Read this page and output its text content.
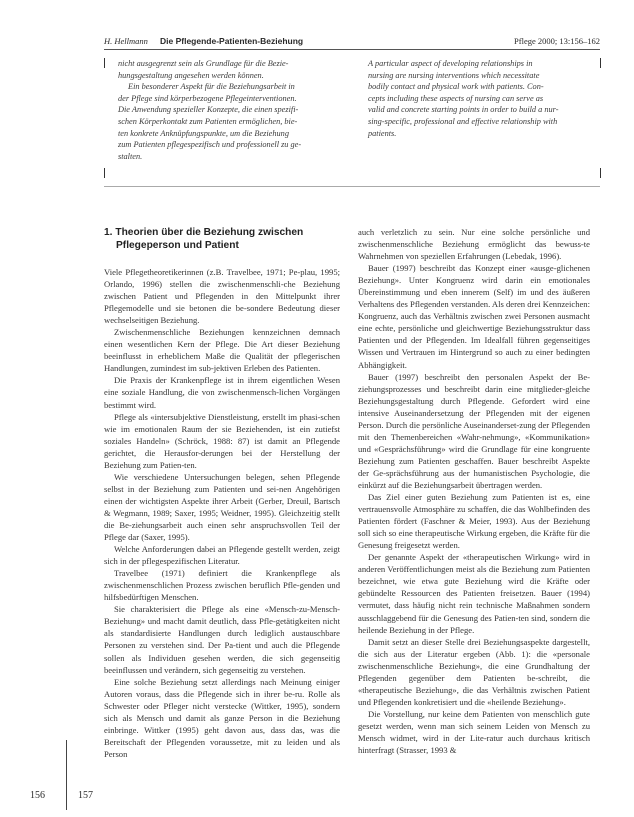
H. Hellmann Die Pflegende-Patienten-Beziehung	Pflege 2000; 13:156–162

nicht ausgegrenzt sein als Grundlage für die Bezie-

hungsgestaltung angesehen werden können.

Ein besonderer Aspekt für die Beziehungsarbeit in

der Pflege sind körperbezogene Pflegeinterventionen.

Die Anwendung spezieller Konzepte, die einen spezifi-

schen Körperkontakt zum Patienten ermöglichen, bie-

ten konkrete Anknüpfungspunkte, um die Beziehung

zum Patienten pflegespezifisch und professionell zu ge-

stalten.

A particular aspect of developing relationships in

nursing are nursing interventions which necessitate

bodily contact and physical work with patients. Con-

cepts including these aspects of nursing can serve as

valid and concrete starting points in order to build a nur-

sing-specific, professional and effective relationship with

patients.

1. Theorien über die Beziehung zwischen
Pflegeperson und Patient

Viele Pflegetheoretikerinnen (z.B. Travelbee, 1971; Pe-plau, 1995; Orlando, 1996) stellen die zwischenmenschli-che Beziehung zwischen Patient und Pflegenden in den Mittelpunkt ihrer Pflegemodelle und sie betonen die be-sondere Bedeutung dieser wechselseitigen Beziehung.

Zwischenmenschliche Beziehungen kennzeichnen demnach einen wesentlichen Kern der Pflege. Die Art dieser Beziehung beeinflusst in erheblichem Maße die Qualität der pflegerischen Handlungen, zumindest im sub-jektiven Erleben des Patienten.

Die Praxis der Krankenpflege ist in ihrem eigentlichen Wesen eine soziale Handlung, die von zwischenmensch-lichen Vorgängen bestimmt wird.

Pflege als «intersubjektive Dienstleistung, erstellt im phasi-schen wie im emotionalen Raum der sie Beziehenden, ist ein zutiefst soziales Handeln» (Schröck, 1988: 87) ist damit an Pflegende gerichtet, die Herausfor-derungen bei der Herstellung der Beziehung zum Patien-ten.

Wie verschiedene Untersuchungen belegen, sehen Pflegende selbst in der Beziehung zum Patienten und sei-nen Angehörigen einen der wichtigsten Aspekte ihrer Arbeit (Gerber, Dreuil, Bartsch & Wegmann, 1989; Saxer, 1995; Weidner, 1995). Gleichzeitig stellt die Be-ziehungsarbeit auch einen sehr anspruchsvollen Teil der Pflege dar (Saxer, 1995).

Welche Anforderungen dabei an Pflegende gestellt werden, zeigt sich in der pflegespezifischen Literatur.

Travelbee (1971) definiert die Krankenpflege als zwischenmenschlichen Prozess zwischen beruflich Pfle-genden und hilfsbedürftigen Menschen.

Sie charakterisiert die Pflege als eine «Mensch-zu-Mensch-Beziehung» und macht damit deutlich, dass Pfle-getätigkeiten nicht als standardisierte Handlungen durch lediglich austauschbare Personen zu verstehen sind. Der Pa-tient und auch die Pflegende sollen als Individuen gesehen werden, die sich gegenseitig beeinflussen und verändern, sich gegenseitig zu verstehen.

Eine solche Beziehung setzt allerdings nach Meinung einiger Autoren voraus, dass die Pflegende sich in ihrer be-ru. Rolle als Schwester oder Pfleger nicht verstecke (Wittker, 1995), sondern sich als Mensch und damit als ganze Person in die Beziehung einbringe. Wittker (1995) geht davon aus, dass das, was die Bereitschaft der Pflegenden voraussetze, mit zu leiden und als Person

auch verletzlich zu sein. Nur eine solche persönliche und zwischenmenschliche Beziehung ermöglicht das bewuss-te Wahrnehmen von speziellen Erfahrungen (Lebedak, 1996).

Bauer (1997) beschreibt das Konzept einer «ausge-glichenen Beziehung». Unter Kongruenz wird darin ein emotionales Übereinstimmung und eben innerem (Self) im und des äußeren Verhaltens des Pflegenden verstanden. Als deren drei Kennzeichen: Kongruenz, auch das Verhältnis zwischen zwei Personen ausmacht eine echte, persönliche und gleichwertige Beziehungsstruktur dass Patienten und der Pflegenden. Im Idealfall führen gegenseitiges Wissen und Vertrauen im Hintergrund so auch zu einer bedingten Abhängigkeit.

Bauer (1997) beschreibt den personalen Aspekt der Be-ziehungsprozesses und beschreibt darin eine mitglieder-gleiche Beziehungsgestaltung durch Pflegende. Gefordert wird eine intensive Auseinandersetzung der Pflegenden mit der eigenen Person. Durch die persönliche Auseinanderset-zung der Pflegenden mit den Themenbereichen «Wahr-nehmung», «Kommunikation» und «Gesprächsführung» wird die Grundlage für eine kongruente Beziehung zum Patienten geschaffen. Bauer beschreibt Aspekte der Ge-sprächsführung aus der humanistischen Psychologie, die einkürzt auf die Beziehungsarbeit übertragen werden.

Das Ziel einer guten Beziehung zum Patienten ist es, eine vertrauensvolle Atmosphäre zu schaffen, die das Wohlbefinden des Patienten fördert (Faschner & Meier, 1993). Aus der Beziehung soll sich so eine therapeutische Wirkung ergeben, die Kräfte für die Genesung freigesetzt werden.

Der genannte Aspekt der «therapeutischen Wirkung» wird in anderen Veröffentlichungen meist als die Beziehung zum Patienten bezeichnet, wie etwa gute Beziehung wird die Kräfte oder gebündelte Ressourcen des Patienten freisetzen. Bauer (1994) vermutet, dass häufig nicht rein technische Maßnahmen sondern ausschlaggebend für die Genesung des Patien-ten sind, sondern die heilende Beziehung in der Pflege.

Damit setzt an dieser Stelle drei Beziehungsaspekte dargestellt, die sich aus der Literatur ergeben (Abb. 1): die «personale zwischenmenschliche Beziehung», die eine Grundhaltung der Pflegenden gegenüber dem Patienten be-schreibt, die «therapeutische Beziehung», die das Verhältnis zwischen Patient und Pflegenden konkretisiert und die «heilende Beziehung».

Die Vorstellung, nur keine dem Patienten von menschlich gute gesetzt werden, wenn man sich seinem Leiden von Mensch zu Mensch widmet, wird in der Lite-ratur auch durchaus kritisch hinterfragt (Strasser, 1993 &

156	157
